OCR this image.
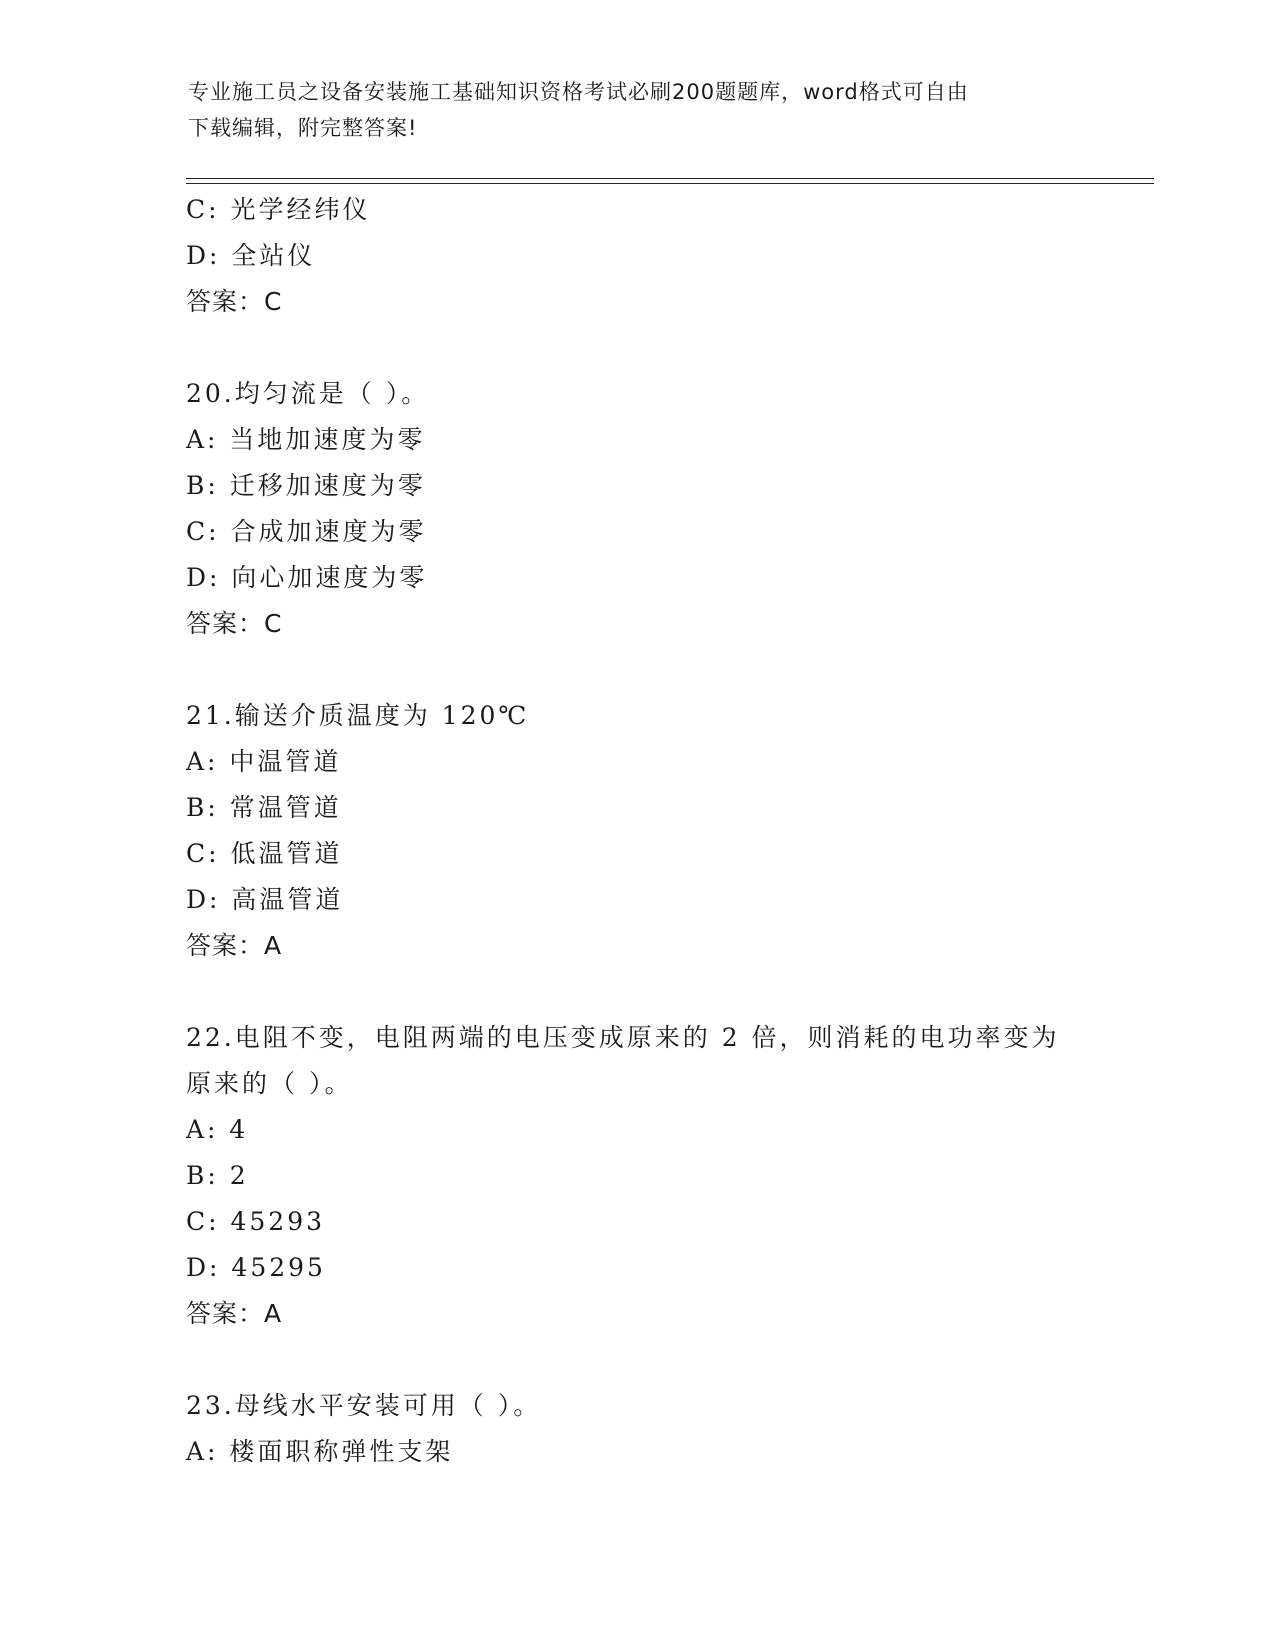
专业施工员之设备安装施工基础知识资格考试必刷200题题库，word格式可自由
下载编辑，附完整答案!
C: 光学经纬仪
D: 全站仪
答案：C
20.均匀流是（ ）。
A: 当地加速度为零
B: 迁移加速度为零
C: 合成加速度为零
D: 向心加速度为零
答案：C
21.输送介质温度为 120℃
A: 中温管道
B: 常温管道
C: 低温管道
D: 高温管道
答案：A
22.电阻不变，电阻两端的电压变成原来的 2 倍，则消耗的电功率变为
原来的（ ）。
A: 4
B: 2
C: 45293
D: 45295
答案：A
23.母线水平安装可用（ ）。
A: 楼面职称弹性支架
